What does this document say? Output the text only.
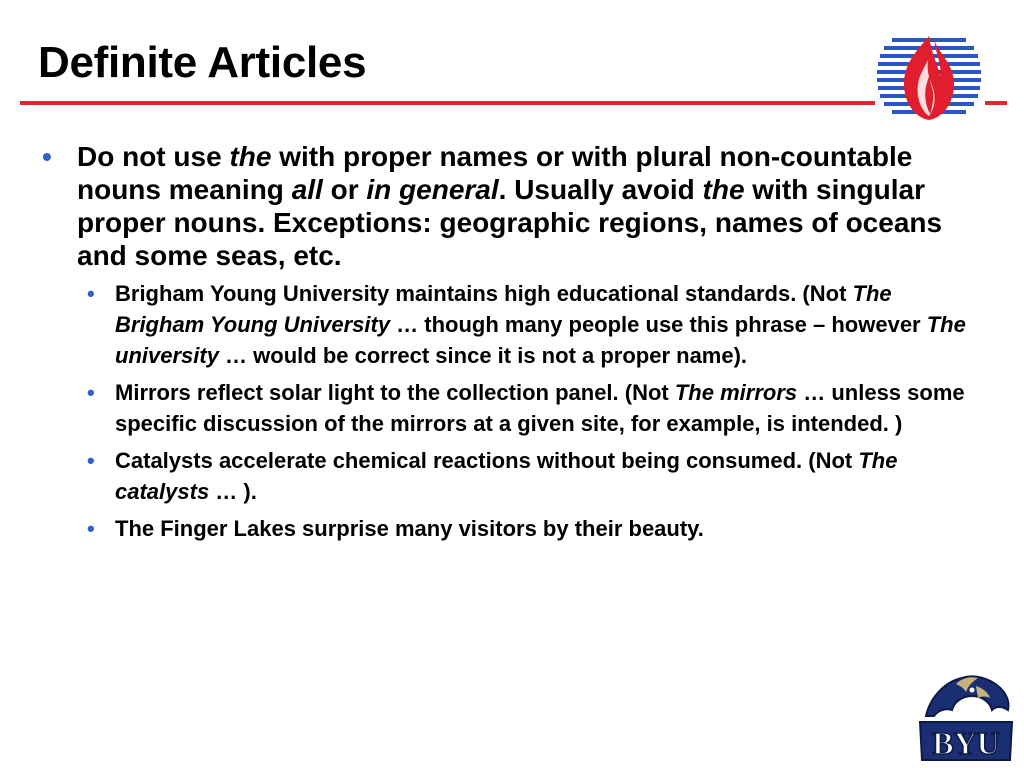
Definite Articles
• Do not use the with proper names or with plural non-countable nouns meaning all or in general. Usually avoid the with singular proper nouns. Exceptions: geographic regions, names of oceans and some seas, etc.
• Brigham Young University maintains high educational standards. (Not The Brigham Young University … though many people use this phrase – however The university … would be correct since it is not a proper name).
• Mirrors reflect solar light to the collection panel. (Not The mirrors … unless some specific discussion of the mirrors at a given site, for example, is intended. )
• Catalysts accelerate chemical reactions without being consumed. (Not The catalysts … ).
• The Finger Lakes surprise many visitors by their beauty.
BYU
